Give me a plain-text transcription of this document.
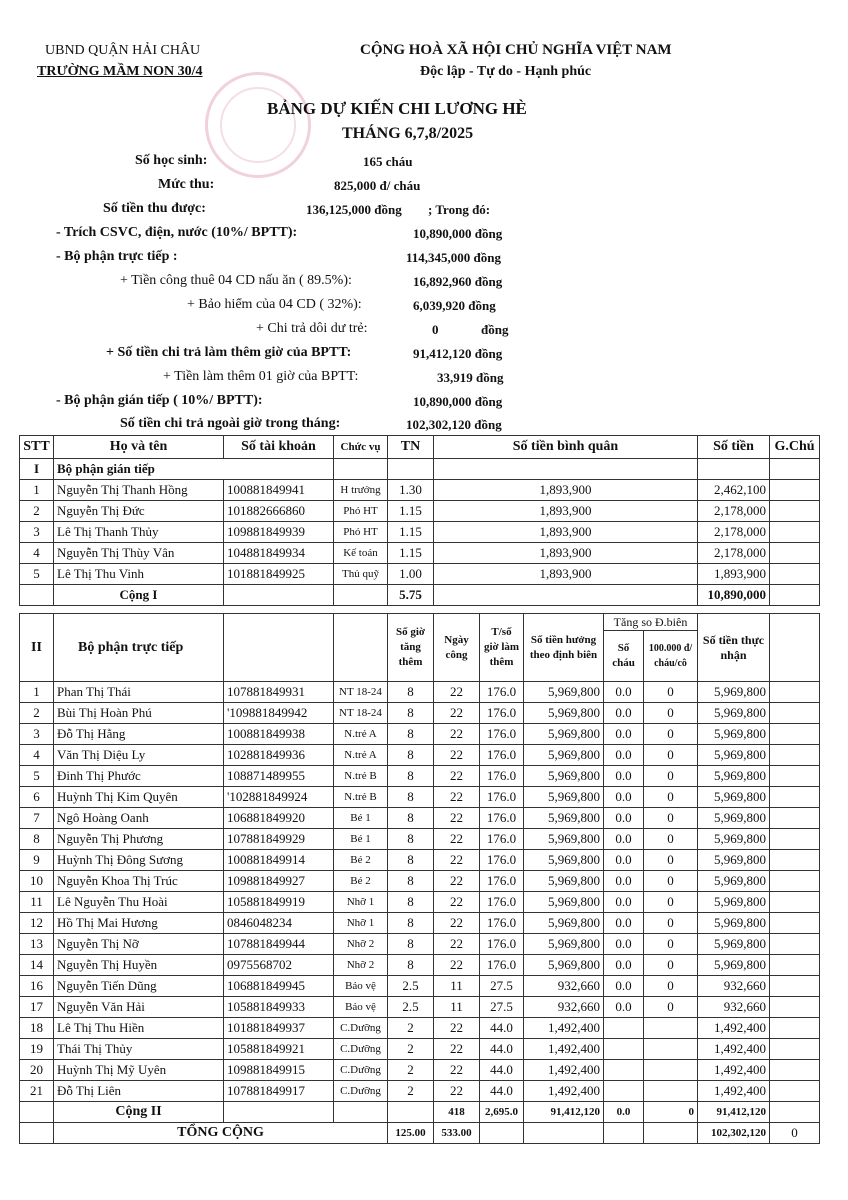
UBND QUẬN HẢI CHÂU
TRƯỜNG MẦM NON 30/4
CỘNG HOÀ XÃ HỘI CHỦ NGHĨA VIỆT NAM
Độc lập - Tự do - Hạnh phúc
BẢNG DỰ KIẾN CHI LƯƠNG HÈ
THÁNG 6,7,8/2025
Số học sinh:	165 cháu
Mức thu:	825,000 đ/ cháu
Số tiền thu được:	136,125,000 đồng ; Trong đó:
- Trích CSVC, điện, nước (10%/ BPTT):	10,890,000 đồng
- Bộ phận trực tiếp :	114,345,000 đồng
+ Tiền công thuê 04 CD nấu ăn ( 89.5%):	16,892,960 đồng
+ Bảo hiểm của 04 CD ( 32%):	6,039,920 đồng
+ Chi trả dôi dư trẻ:	0	đồng
+ Số tiền chi trả làm thêm giờ của BPTT:	91,412,120 đồng
+ Tiền làm thêm 01 giờ của BPTT:	33,919 đồng
- Bộ phận gián tiếp ( 10%/ BPTT):	10,890,000 đồng
Số tiền chi trả ngoài giờ trong tháng:	102,302,120 đồng
STT	Họ và tên	Số tài khoản	Chức vụ	TN	Số tiền bình quân	Số tiền	G.Chú
I	Bộ phận gián tiếp						
1	Nguyễn Thị Thanh Hồng	100881849941	H trưởng	1.30	1,893,900	2,462,100	
2	Nguyễn Thị Đức	101882666860	Phó HT	1.15	1,893,900	2,178,000	
3	Lê Thị Thanh Thủy	109881849939	Phó HT	1.15	1,893,900	2,178,000	
4	Nguyễn Thị Thùy Vân	104881849934	Kế toán	1.15	1,893,900	2,178,000	
5	Lê Thị Thu Vinh	101881849925	Thủ quỹ	1.00	1,893,900	1,893,900	
	Cộng I			5.75		10,890,000	
II	Bộ phận trực tiếp			Số giờ tăng thêm	Ngày công	T/số giờ làm thêm	Số tiền hưởng theo định biên	Tăng so Đ.biên		Số tiền thực nhận	
								Số cháu	100.000 đ/ cháu/cô		
1	Phan Thị Thái	107881849931	NT 18-24	8	22	176.0	5,969,800	0.0	0	5,969,800	
2	Bùi Thị Hoàn Phú	'109881849942	NT 18-24	8	22	176.0	5,969,800	0.0	0	5,969,800	
3	Đỗ Thị Hằng	100881849938	N.trẻ A	8	22	176.0	5,969,800	0.0	0	5,969,800	
4	Văn Thị Diệu Ly	102881849936	N.trẻ A	8	22	176.0	5,969,800	0.0	0	5,969,800	
5	Đinh Thị Phước	108871489955	N.trẻ B	8	22	176.0	5,969,800	0.0	0	5,969,800	
6	Huỳnh Thị Kim Quyên	'102881849924	N.trẻ B	8	22	176.0	5,969,800	0.0	0	5,969,800	
7	Ngô Hoàng Oanh	106881849920	Bé 1	8	22	176.0	5,969,800	0.0	0	5,969,800	
8	Nguyễn Thị Phương	107881849929	Bé 1	8	22	176.0	5,969,800	0.0	0	5,969,800	
9	Huỳnh Thị Đông Sương	100881849914	Bé 2	8	22	176.0	5,969,800	0.0	0	5,969,800	
10	Nguyễn Khoa Thị Trúc	109881849927	Bé 2	8	22	176.0	5,969,800	0.0	0	5,969,800	
11	Lê Nguyễn Thu Hoài	105881849919	Nhỡ 1	8	22	176.0	5,969,800	0.0	0	5,969,800	
12	Hồ Thị Mai Hương	0846048234	Nhỡ 1	8	22	176.0	5,969,800	0.0	0	5,969,800	
13	Nguyễn Thị Nỡ	107881849944	Nhỡ 2	8	22	176.0	5,969,800	0.0	0	5,969,800	
14	Nguyễn Thị Huyền	0975568702	Nhỡ 2	8	22	176.0	5,969,800	0.0	0	5,969,800	
16	Nguyễn Tiến Dũng	106881849945	Bảo vệ	2.5	11	27.5	932,660	0.0	0	932,660	
17	Nguyễn Văn Hải	105881849933	Bảo vệ	2.5	11	27.5	932,660	0.0	0	932,660	
18	Lê Thị Thu Hiền	101881849937	C.Dưỡng	2	22	44.0	1,492,400			1,492,400	
19	Thái Thị Thủy	105881849921	C.Dưỡng	2	22	44.0	1,492,400			1,492,400	
20	Huỳnh Thị Mỹ Uyên	109881849915	C.Dưỡng	2	22	44.0	1,492,400			1,492,400	
21	Đỗ Thị Liên	107881849917	C.Dưỡng	2	22	44.0	1,492,400			1,492,400	
	Cộng II				418	2,695.0	91,412,120	0.0	0	91,412,120	
	TỔNG CỘNG			125.00	533.00					102,302,120	0
